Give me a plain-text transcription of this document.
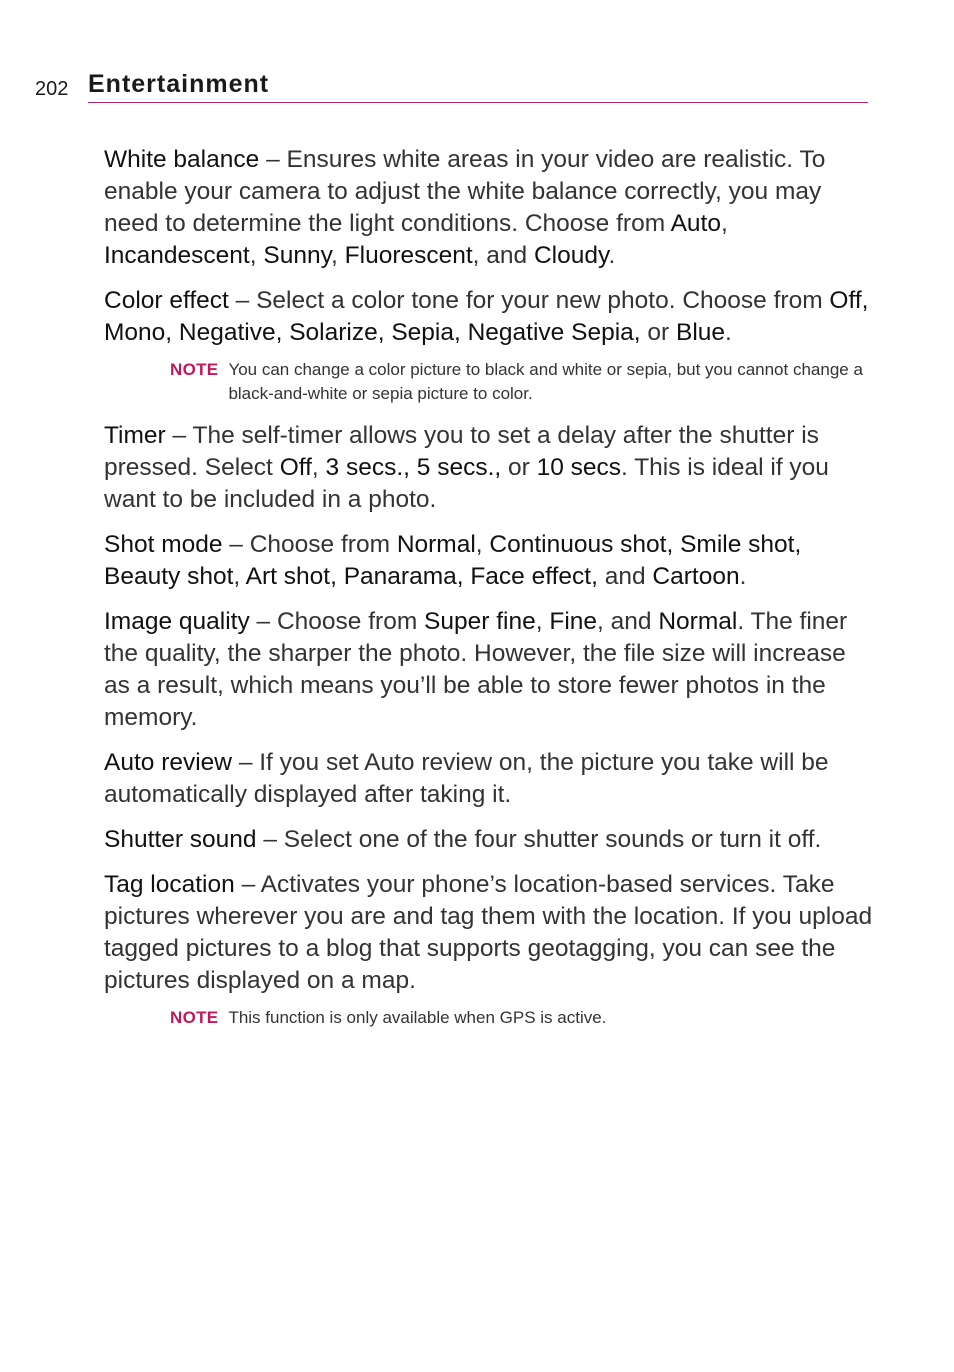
202 Entertainment

White balance – Ensures white areas in your video are realistic. To enable your camera to adjust the white balance correctly, you may need to determine the light conditions. Choose from Auto, Incandescent, Sunny, Fluorescent, and Cloudy.

Color effect – Select a color tone for your new photo. Choose from Off, Mono, Negative, Solarize, Sepia, Negative Sepia, or Blue.

NOTE You can change a color picture to black and white or sepia, but you cannot change a black-and-white or sepia picture to color.

Timer – The self-timer allows you to set a delay after the shutter is pressed. Select Off, 3 secs., 5 secs., or 10 secs. This is ideal if you want to be included in a photo.

Shot mode – Choose from Normal, Continuous shot, Smile shot, Beauty shot, Art shot, Panarama, Face effect, and Cartoon.

Image quality – Choose from Super fine, Fine, and Normal. The finer the quality, the sharper the photo. However, the file size will increase as a result, which means you’ll be able to store fewer photos in the memory.

Auto review – If you set Auto review on, the picture you take will be automatically displayed after taking it.

Shutter sound – Select one of the four shutter sounds or turn it off.

Tag location – Activates your phone’s location-based services. Take pictures wherever you are and tag them with the location. If you upload tagged pictures to a blog that supports geotagging, you can see the pictures displayed on a map.

NOTE This function is only available when GPS is active.
